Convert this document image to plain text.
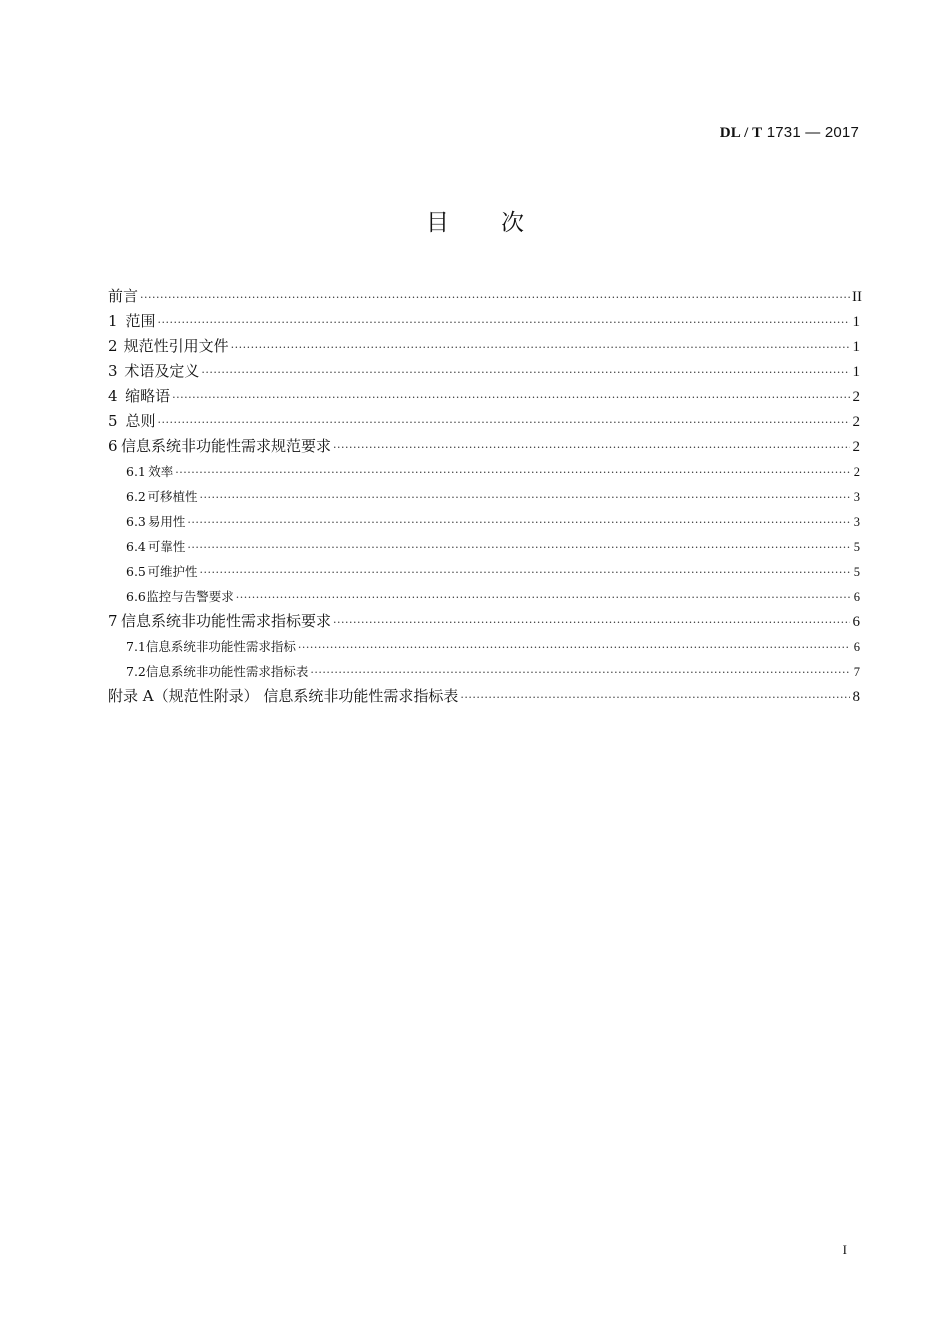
DL / T 1731 — 2017
目次
前言 ·····	II
1 范围 ·····	1
2 规范性引用文件 ·····	1
3 术语及定义 ·····	1
4 缩略语 ·····	2
5 总则 ·····	2
6 信息系统非功能性需求规范要求 ·····	2
6.1 效率 ·····	2
6.2 可移植性 ·····	3
6.3 易用性 ·····	3
6.4 可靠性 ·····	5
6.5 可维护性 ·····	5
6.6 监控与告警要求 ·····	6
7 信息系统非功能性需求指标要求 ·····	6
7.1 信息系统非功能性需求指标 ·····	6
7.2 信息系统非功能性需求指标表 ·····	7
附录 A（规范性附录） 信息系统非功能性需求指标表 ·····	8
I
